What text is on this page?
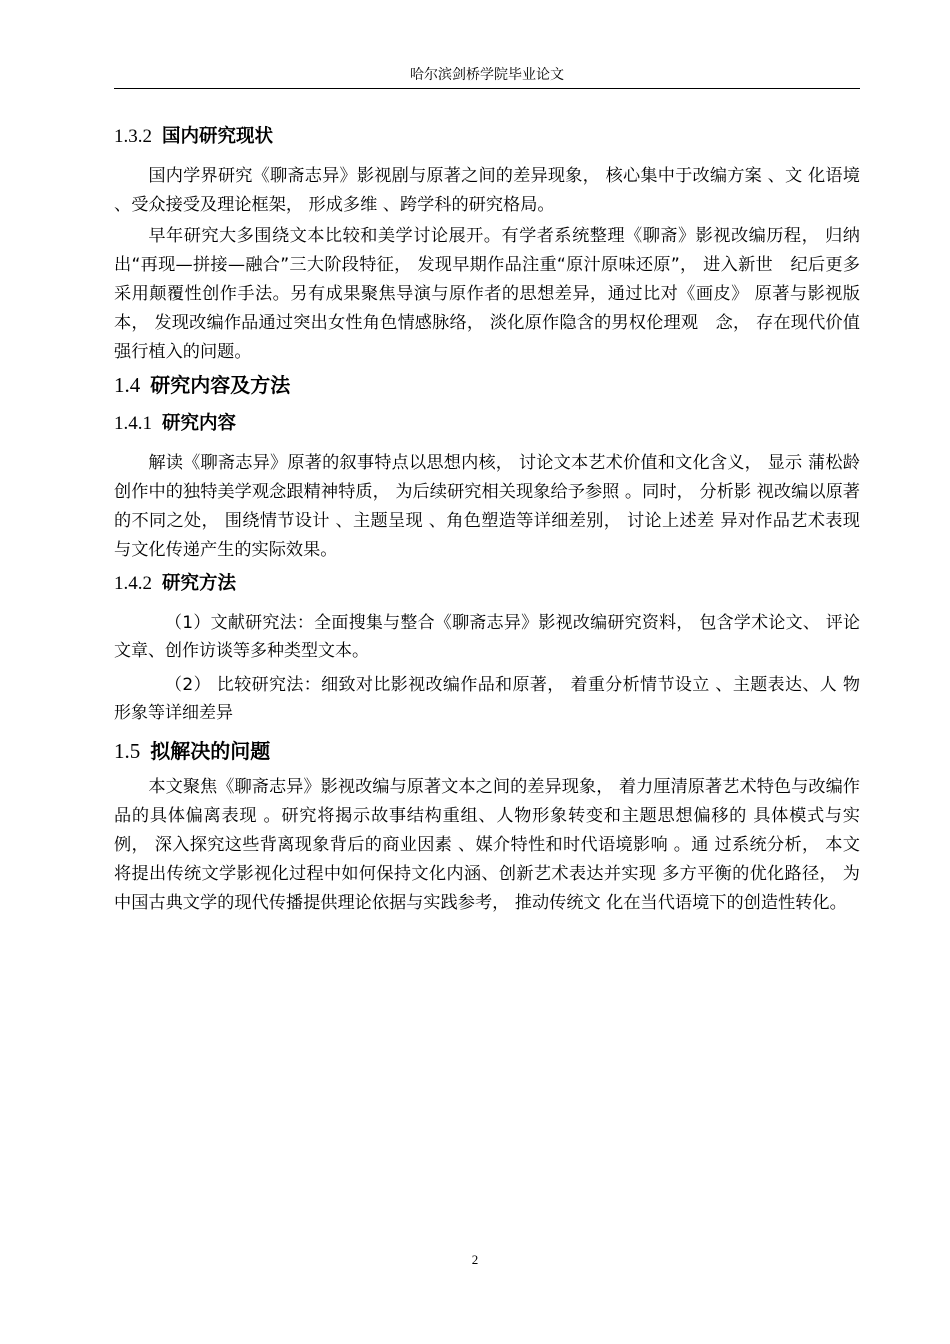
哈尔滨剑桥学院毕业论文
1.3.2 国内研究现状

国内学界研究《聊斋志异》影视剧与原著之间的差异现象， 核心集中于改编方案 、文 化语境 、受众接受及理论框架， 形成多维 、跨学科的研究格局。

早年研究大多围绕文本比较和美学讨论展开。有学者系统整理《聊斋》影视改编历程， 归纳出“再现—拼接—融合”三大阶段特征， 发现早期作品注重“原汁原味还原”， 进入新世　纪后更多采用颠覆性创作手法。另有成果聚焦导演与原作者的思想差异，通过比对《画皮》 原著与影视版本， 发现改编作品通过突出女性角色情感脉络， 淡化原作隐含的男权伦理观　念， 存在现代价值强行植入的问题。

1.4 研究内容及方法
1.4.1 研究内容

解读《聊斋志异》原著的叙事特点以思想内核， 讨论文本艺术价值和文化含义， 显示 蒲松龄创作中的独特美学观念跟精神特质， 为后续研究相关现象给予参照 。同时， 分析影 视改编以原著的不同之处， 围绕情节设计 、主题呈现 、角色塑造等详细差别， 讨论上述差 异对作品艺术表现与文化传递产生的实际效果。

1.4.2 研究方法

（1）文献研究法：全面搜集与整合《聊斋志异》影视改编研究资料， 包含学术论文、 评论文章、创作访谈等多种类型文本。

（2） 比较研究法：细致对比影视改编作品和原著， 着重分析情节设立 、主题表达、人 物形象等详细差异

1.5 拟解决的问题

本文聚焦《聊斋志异》影视改编与原著文本之间的差异现象， 着力厘清原著艺术特色与改编作品的具体偏离表现 。研究将揭示故事结构重组、人物形象转变和主题思想偏移的 具体模式与实例， 深入探究这些背离现象背后的商业因素 、媒介特性和时代语境影响 。通 过系统分析， 本文将提出传统文学影视化过程中如何保持文化内涵、创新艺术表达并实现 多方平衡的优化路径， 为中国古典文学的现代传播提供理论依据与实践参考， 推动传统文 化在当代语境下的创造性转化。

2
